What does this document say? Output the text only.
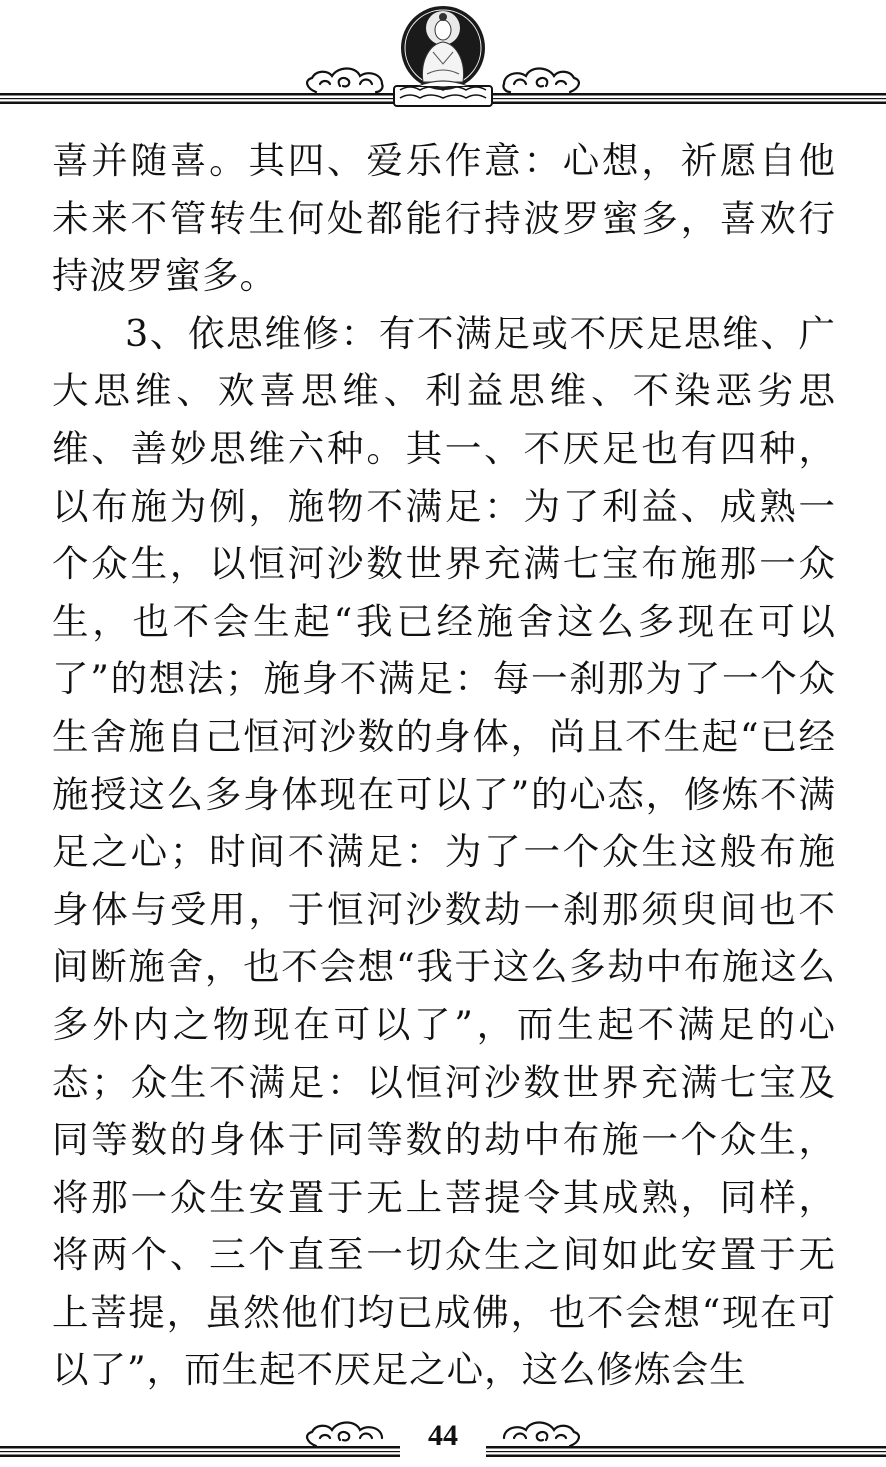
喜并随喜。其四、爱乐作意：心想，祈愿自他未来不管转生何处都能行持波罗蜜多，喜欢行持波罗蜜多。

3、依思维修：有不满足或不厌足思维、广大思维、欢喜思维、利益思维、不染恶劣思维、善妙思维六种。其一、不厌足也有四种，以布施为例，施物不满足：为了利益、成熟一个众生，以恒河沙数世界充满七宝布施那一众生，也不会生起“我已经施舍这么多现在可以了”的想法；施身不满足：每一刹那为了一个众生舍施自己恒河沙数的身体，尚且不生起“已经施授这么多身体现在可以了”的心态，修炼不满足之心；时间不满足：为了一个众生这般布施身体与受用，于恒河沙数劫一刹那须臾间也不间断施舍，也不会想“我于这么多劫中布施这么多外内之物现在可以了”，而生起不满足的心态；众生不满足：以恒河沙数世界充满七宝及同等数的身体于同等数的劫中布施一个众生，将那一众生安置于无上菩提令其成熟，同样，将两个、三个直至一切众生之间如此安置于无上菩提，虽然他们均已成佛，也不会想“现在可以了”，而生起不厌足之心，这么修炼会生

44
